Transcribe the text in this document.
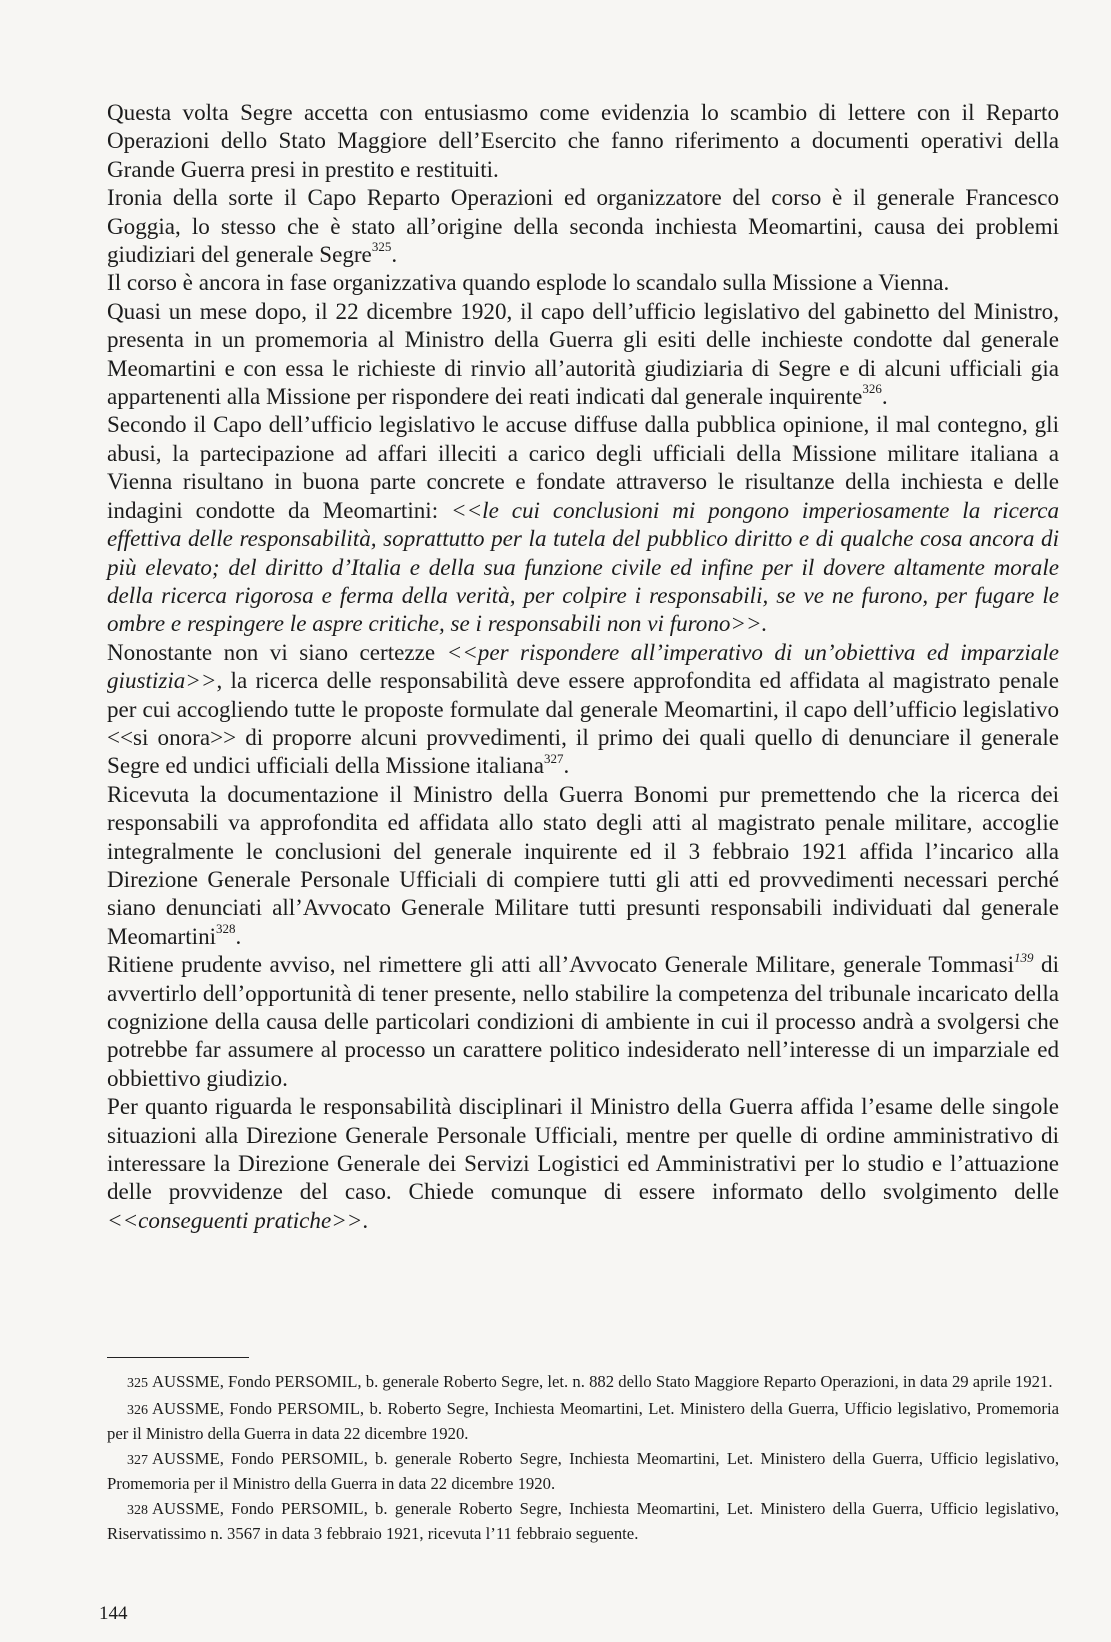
Questa volta Segre accetta con entusiasmo come evidenzia lo scambio di lettere con il Reparto Operazioni dello Stato Maggiore dell’Esercito che fanno riferimento a documenti operativi della Grande Guerra presi in prestito e restituiti.

Ironia della sorte il Capo Reparto Operazioni ed organizzatore del corso è il generale Francesco Goggia, lo stesso che è stato all’origine della seconda inchiesta Meomartini, causa dei problemi giudiziari del generale Segre$^{325}$.

Il corso è ancora in fase organizzativa quando esplode lo scandalo sulla Missione a Vienna.

Quasi un mese dopo, il 22 dicembre 1920, il capo dell’ufficio legislativo del gabinetto del Ministro, presenta in un promemoria al Ministro della Guerra gli esiti delle inchieste condotte dal generale Meomartini e con essa le richieste di rinvio all’autorità giudiziaria di Segre e di alcuni ufficiali gia appartenenti alla Missione per rispondere dei reati indicati dal generale inquirente$^{326}$.

Secondo il Capo dell’ufficio legislativo le accuse diffuse dalla pubblica opinione, il mal contegno, gli abusi, la partecipazione ad affari illeciti a carico degli ufficiali della Missione militare italiana a Vienna risultano in buona parte concrete e fondate attraverso le risultanze della inchiesta e delle indagini condotte da Meomartini: <<le cui conclusioni mi pongono imperiosamente la ricerca effettiva delle responsabilità, soprattutto per la tutela del pubblico diritto e di qualche cosa ancora di più elevato; del diritto d’Italia e della sua funzione civile ed infine per il dovere altamente morale della ricerca rigorosa e ferma della verità, per colpire i responsabili, se ve ne furono, per fugare le ombre e respingere le aspre critiche, se i responsabili non vi furono>>.

Nonostante non vi siano certezze <<per rispondere all’imperativo di un’obiettiva ed imparziale giustizia>>, la ricerca delle responsabilità deve essere approfondita ed affidata al magistrato penale per cui accogliendo tutte le proposte formulate dal generale Meomartini, il capo dell’ufficio legislativo <<si onora>> di proporre alcuni provvedimenti, il primo dei quali quello di denunciare il generale Segre ed undici ufficiali della Missione italiana$^{327}$.

Ricevuta la documentazione il Ministro della Guerra Bonomi pur premettendo che la ricerca dei responsabili va approfondita ed affidata allo stato degli atti al magistrato penale militare, accoglie integralmente le conclusioni del generale inquirente ed il 3 febbraio 1921 affida l’incarico alla Direzione Generale Personale Ufficiali di compiere tutti gli atti ed provvedimenti necessari perché siano denunciati all’Avvocato Generale Militare tutti presunti responsabili individuati dal generale Meomartini$^{328}$.

Ritiene prudente avviso, nel rimettere gli atti all’Avvocato Generale Militare, generale Tommasi$^{139}$ di avvertirlo dell’opportunità di tener presente, nello stabilire la competenza del tribunale incaricato della cognizione della causa delle particolari condizioni di ambiente in cui il processo andrà a svolgersi che potrebbe far assumere al processo un carattere politico indesiderato nell’interesse di un imparziale ed obbiettivo giudizio.

Per quanto riguarda le responsabilità disciplinari il Ministro della Guerra affida l’esame delle singole situazioni alla Direzione Generale Personale Ufficiali, mentre per quelle di ordine amministrativo di interessare la Direzione Generale dei Servizi Logistici ed Amministrativi per lo studio e l’attuazione delle provvidenze del caso. Chiede comunque di essere informato dello svolgimento delle <<conseguenti pratiche>>.

325 AUSSME, Fondo PERSOMIL, b. generale Roberto Segre, let. n. 882 dello Stato Maggiore Reparto Operazioni, in data 29 aprile 1921.

326 AUSSME, Fondo PERSOMIL, b. Roberto Segre, Inchiesta Meomartini, Let. Ministero della Guerra, Ufficio legislativo, Promemoria per il Ministro della Guerra in data 22 dicembre 1920.

327 AUSSME, Fondo PERSOMIL, b. generale Roberto Segre, Inchiesta Meomartini, Let. Ministero della Guerra, Ufficio legislativo, Promemoria per il Ministro della Guerra in data 22 dicembre 1920.

328 AUSSME, Fondo PERSOMIL, b. generale Roberto Segre, Inchiesta Meomartini, Let. Ministero della Guerra, Ufficio legislativo, Riservatissimo n. 3567 in data 3 febbraio 1921, ricevuta l’11 febbraio seguente.

144
